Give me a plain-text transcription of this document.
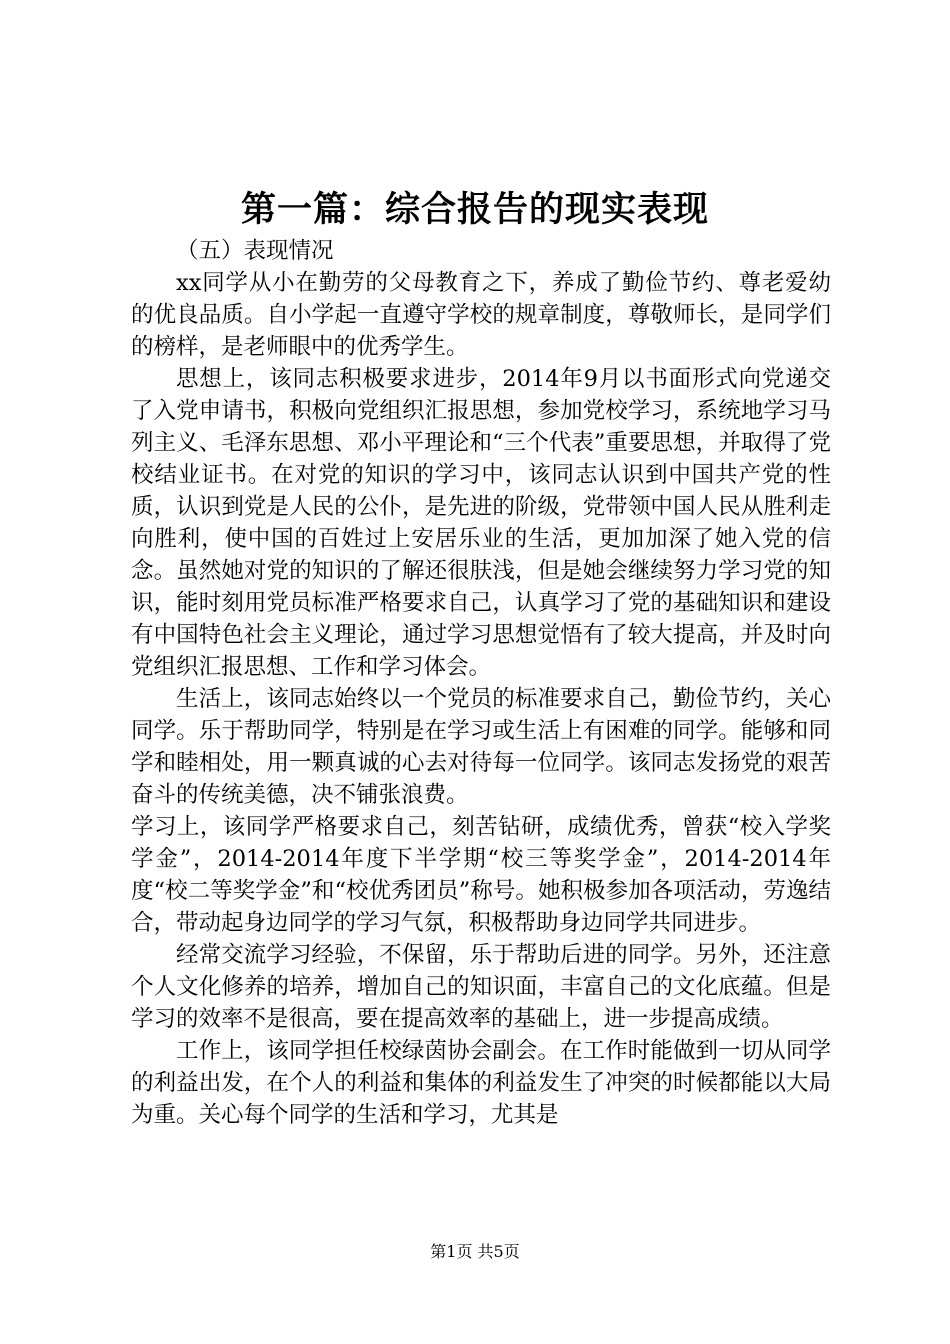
第一篇：综合报告的现实表现

（五）表现情况

xx同学从小在勤劳的父母教育之下，养成了勤俭节约、尊老爱幼的优良品质。自小学起一直遵守学校的规章制度，尊敬师长，是同学们的榜样，是老师眼中的优秀学生。

思想上，该同志积极要求进步，2014年9月以书面形式向党递交了入党申请书，积极向党组织汇报思想，参加党校学习，系统地学习马列主义、毛泽东思想、邓小平理论和“三个代表”重要思想，并取得了党校结业证书。在对党的知识的学习中，该同志认识到中国共产党的性质，认识到党是人民的公仆，是先进的阶级，党带领中国人民从胜利走向胜利，使中国的百姓过上安居乐业的生活，更加加深了她入党的信念。虽然她对党的知识的了解还很肤浅，但是她会继续努力学习党的知识，能时刻用党员标准严格要求自己，认真学习了党的基础知识和建设有中国特色社会主义理论，通过学习思想觉悟有了较大提高，并及时向党组织汇报思想、工作和学习体会。

生活上，该同志始终以一个党员的标准要求自己，勤俭节约，关心同学。乐于帮助同学，特别是在学习或生活上有困难的同学。能够和同学和睦相处，用一颗真诚的心去对待每一位同学。该同志发扬党的艰苦奋斗的传统美德，决不铺张浪费。

学习上，该同学严格要求自己，刻苦钻研，成绩优秀，曾获“校入学奖学金”，2014-2014年度下半学期“校三等奖学金”，2014-2014年度“校二等奖学金”和“校优秀团员”称号。她积极参加各项活动，劳逸结合，带动起身边同学的学习气氛，积极帮助身边同学共同进步。

经常交流学习经验，不保留，乐于帮助后进的同学。另外，还注意个人文化修养的培养，增加自己的知识面，丰富自己的文化底蕴。但是学习的效率不是很高，要在提高效率的基础上，进一步提高成绩。

工作上，该同学担任校绿茵协会副会。在工作时能做到一切从同学的利益出发，在个人的利益和集体的利益发生了冲突的时候都能以大局为重。关心每个同学的生活和学习，尤其是

第1页 共5页
